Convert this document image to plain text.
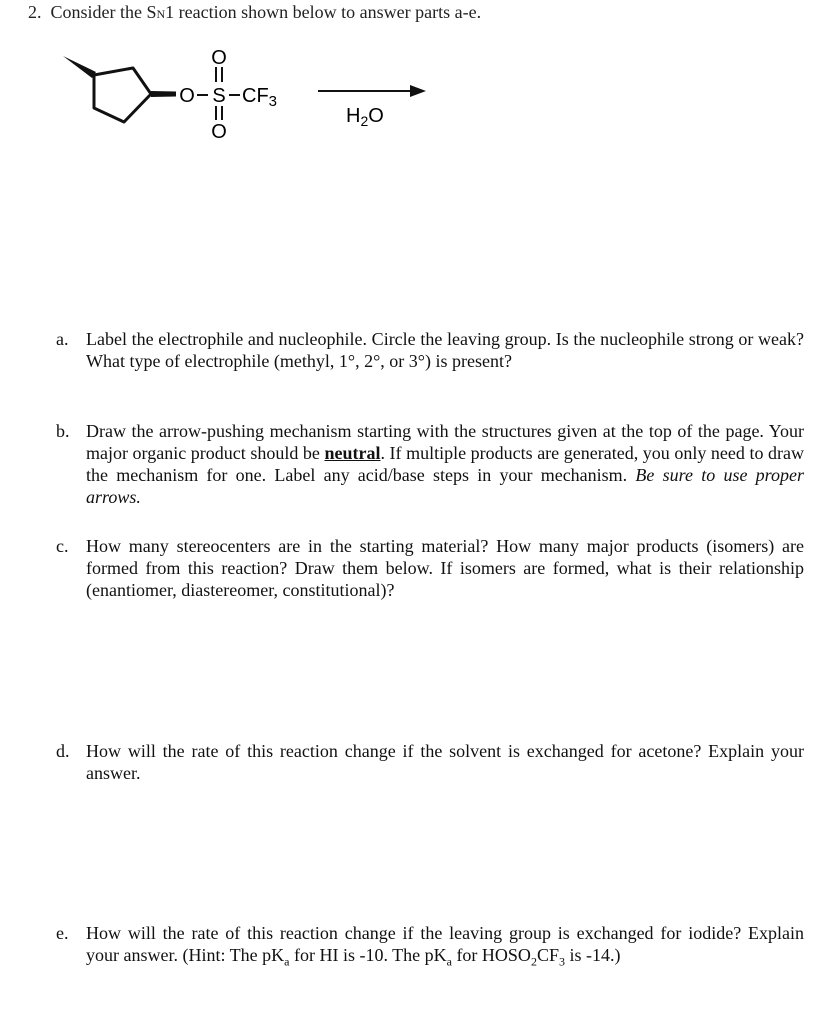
2. Consider the SN1 reaction shown below to answer parts a-e.
O S
O
O
$CF_3$
$H_2O$
a. Label the electrophile and nucleophile. Circle the leaving group. Is the nucleophile strong or weak? What type of electrophile (methyl, 1°, 2°, or 3°) is present?
b. Draw the arrow-pushing mechanism starting with the structures given at the top of the page. Your major organic product should be neutral. If multiple products are generated, you only need to draw the mechanism for one. Label any acid/base steps in your mechanism. Be sure to use proper arrows.
c. How many stereocenters are in the starting material? How many major products (isomers) are formed from this reaction? Draw them below. If isomers are formed, what is their relationship (enantiomer, diastereomer, constitutional)?
d. How will the rate of this reaction change if the solvent is exchanged for acetone? Explain your answer.
e. How will the rate of this reaction change if the leaving group is exchanged for iodide? Explain your answer. (Hint: The $pK_a$ for HI is -10. The $pK_a$ for $HOSO_2CF_3$ is -14.)
